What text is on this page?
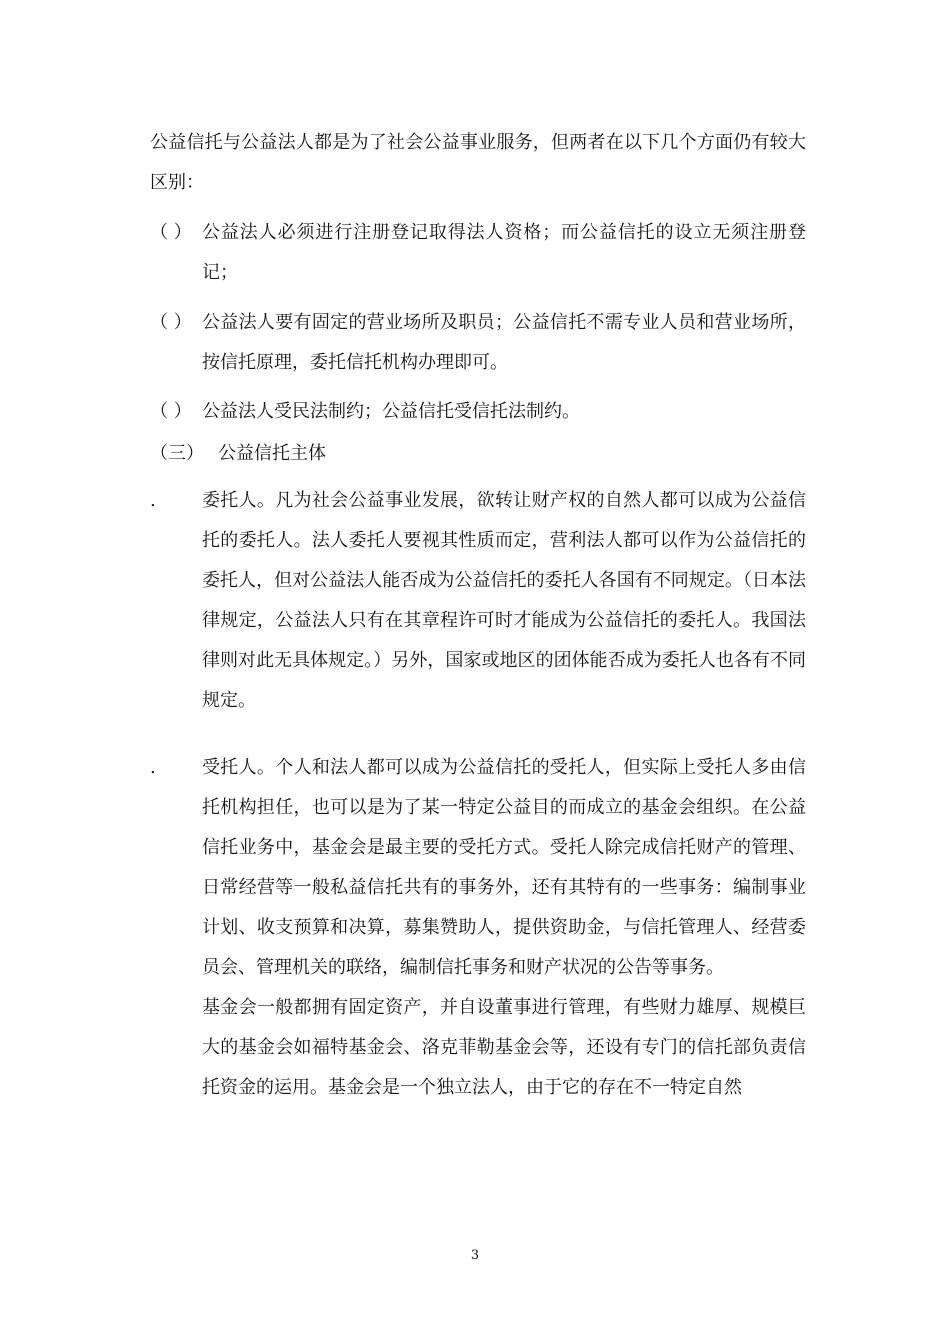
公益信托与公益法人都是为了社会公益事业服务，但两者在以下几个方面仍有较大区别：
（ ） 公益法人必须进行注册登记取得法人资格；而公益信托的设立无须注册登记；
（ ） 公益法人要有固定的营业场所及职员；公益信托不需专业人员和营业场所，按信托原理，委托信托机构办理即可。
（ ） 公益法人受民法制约；公益信托受信托法制约。
（三） 公益信托主体
.	委托人。凡为社会公益事业发展，欲转让财产权的自然人都可以成为公益信托的委托人。法人委托人要视其性质而定，营利法人都可以作为公益信托的委托人，但对公益法人能否成为公益信托的委托人各国有不同规定。（日本法律规定，公益法人只有在其章程许可时才能成为公益信托的委托人。我国法律则对此无具体规定。）另外，国家或地区的团体能否成为委托人也各有不同规定。
.	受托人。个人和法人都可以成为公益信托的受托人，但实际上受托人多由信托机构担任，也可以是为了某一特定公益目的而成立的基金会组织。在公益信托业务中，基金会是最主要的受托方式。受托人除完成信托财产的管理、日常经营等一般私益信托共有的事务外，还有其特有的一些事务：编制事业计划、收支预算和决算，募集赞助人，提供资助金，与信托管理人、经营委员会、管理机关的联络，编制信托事务和财产状况的公告等事务。
基金会一般都拥有固定资产，并自设董事进行管理，有些财力雄厚、规模巨大的基金会如福特基金会、洛克菲勒基金会等，还设有专门的信托部负责信托资金的运用。基金会是一个独立法人，由于它的存在不一特定自然
3
